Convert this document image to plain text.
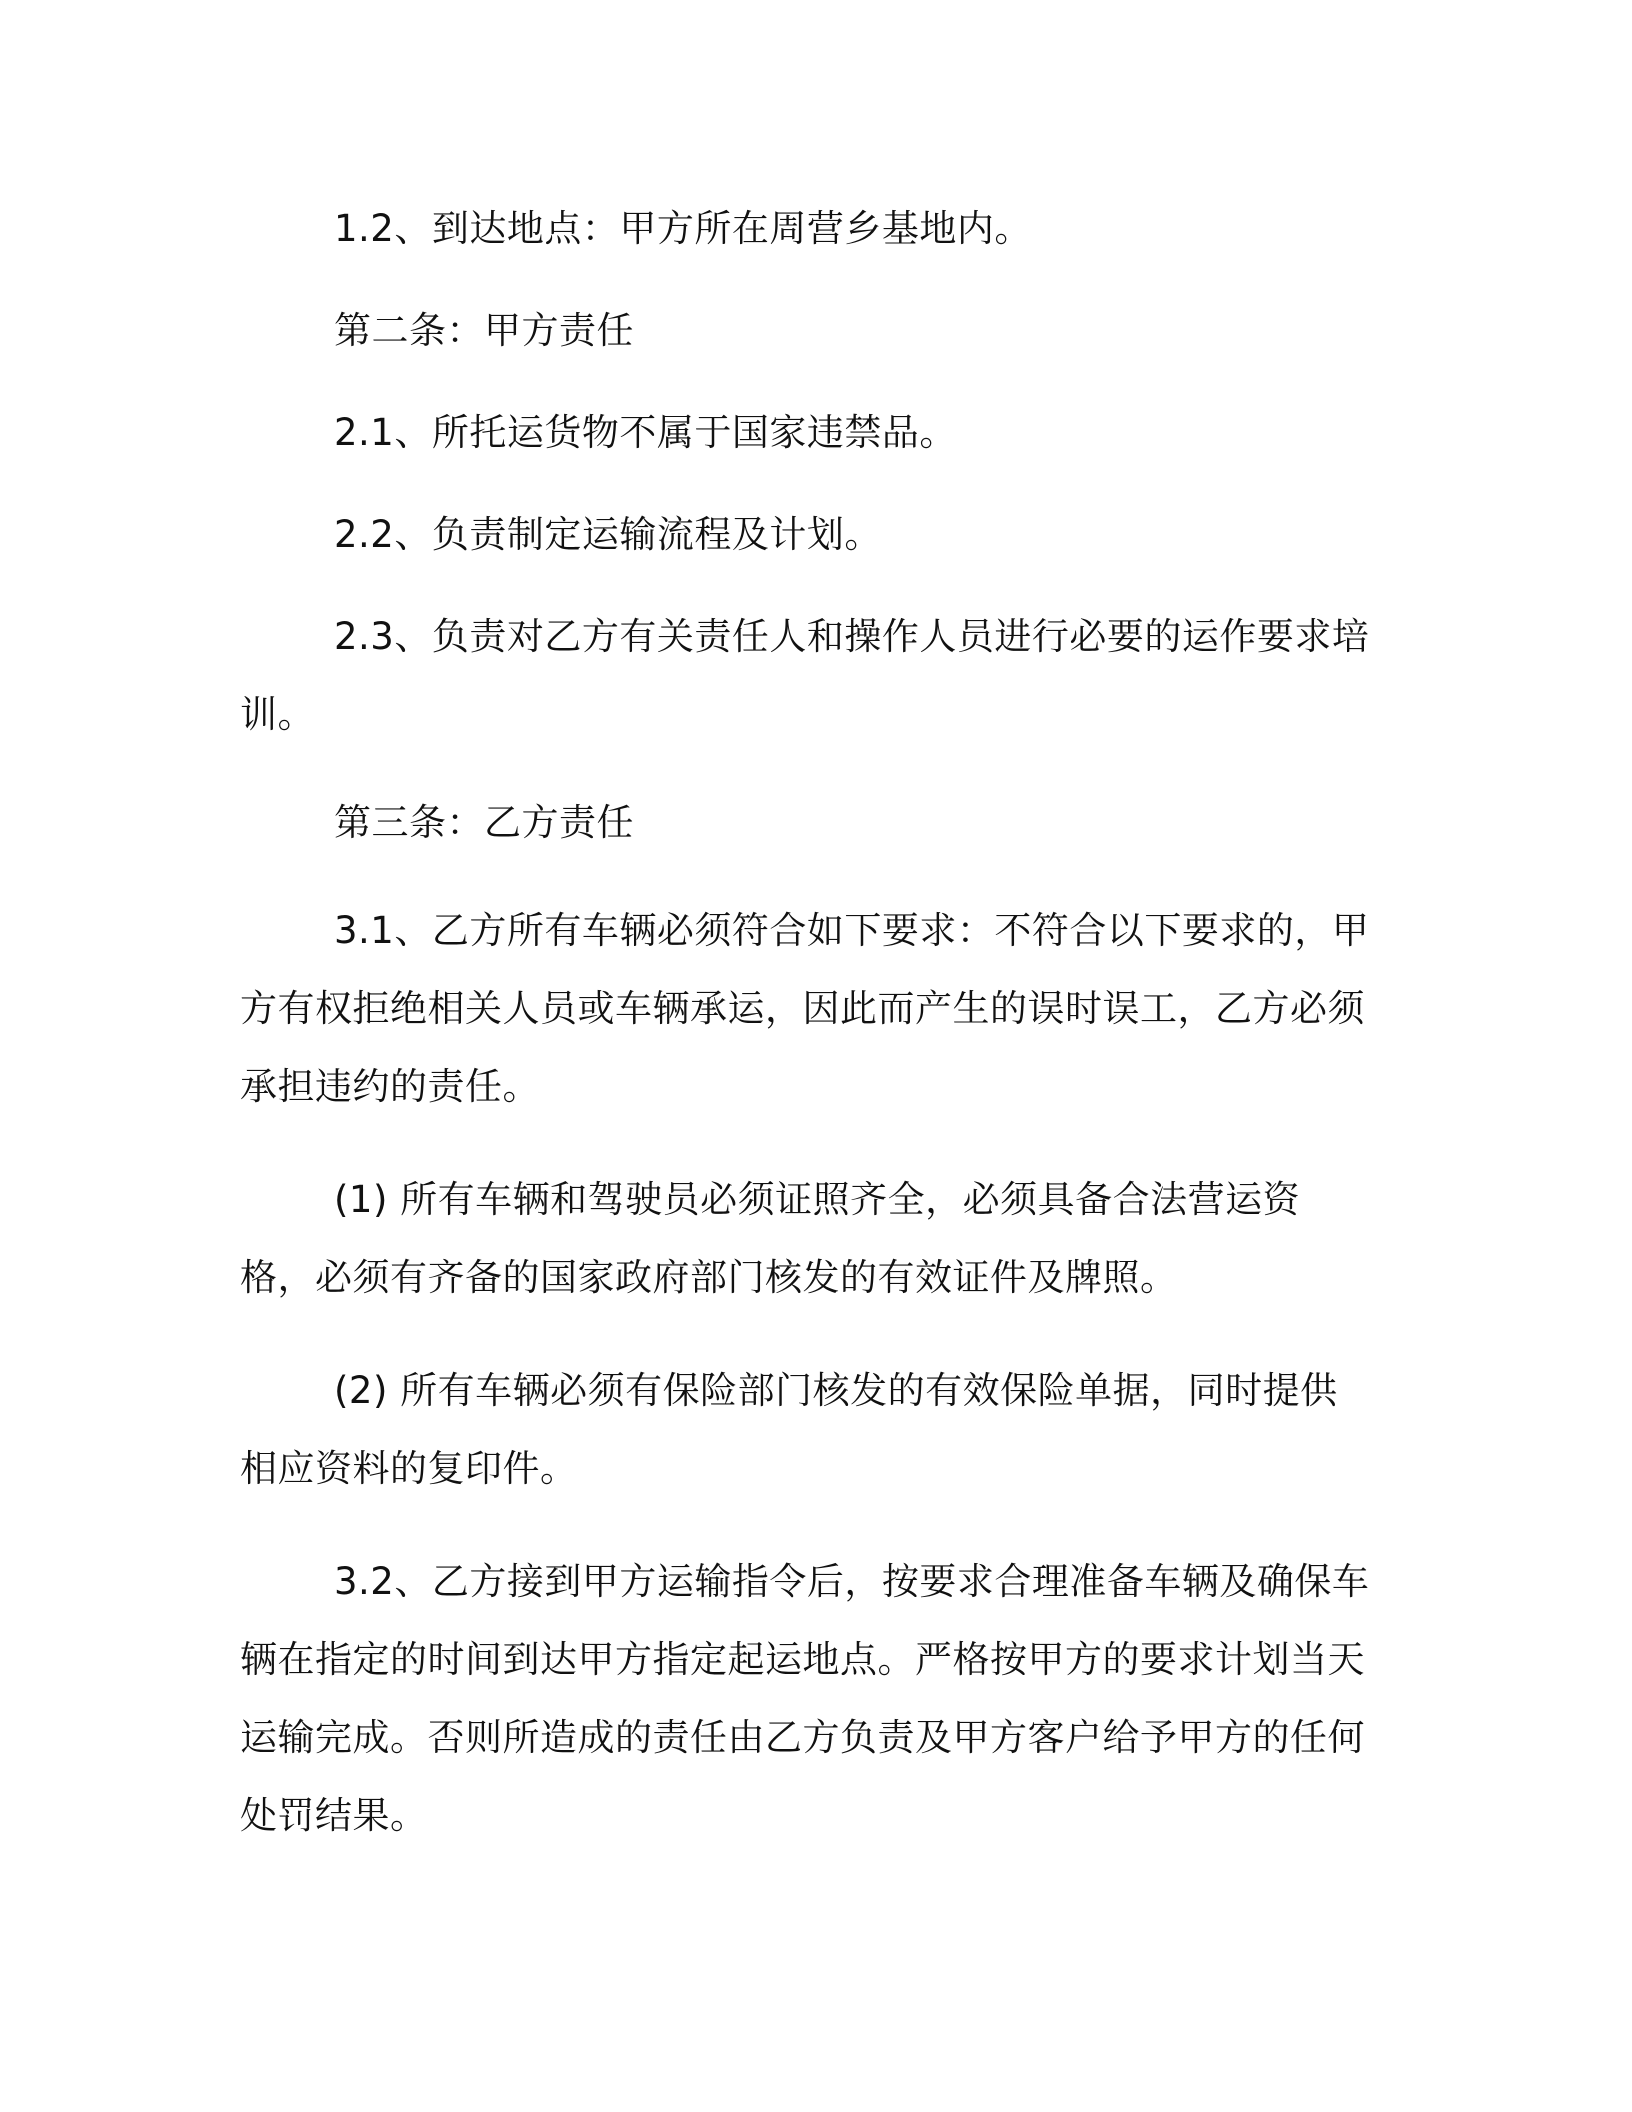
1.2、到达地点：甲方所在周营乡基地内。

第二条：甲方责任

2.1、所托运货物不属于国家违禁品。

2.2、负责制定运输流程及计划。

2.3、负责对乙方有关责任人和操作人员进行必要的运作要求培训。

第三条：乙方责任

3.1、乙方所有车辆必须符合如下要求：不符合以下要求的，甲方有权拒绝相关人员或车辆承运，因此而产生的误时误工，乙方必须承担违约的责任。

(1) 所有车辆和驾驶员必须证照齐全，必须具备合法营运资格，必须有齐备的国家政府部门核发的有效证件及牌照。

(2) 所有车辆必须有保险部门核发的有效保险单据，同时提供相应资料的复印件。

3.2、乙方接到甲方运输指令后，按要求合理准备车辆及确保车辆在指定的时间到达甲方指定起运地点。严格按甲方的要求计划当天运输完成。否则所造成的责任由乙方负责及甲方客户给予甲方的任何处罚结果。
